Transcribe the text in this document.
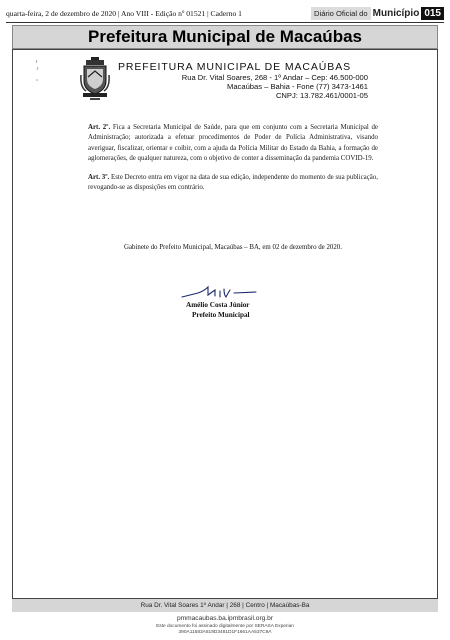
quarta-feira, 2 de dezembro de 2020 | Ano VIII - Edição nº 01521 | Caderno 1	Diário Oficial do Município 015
Prefeitura Municipal de Macaúbas
PREFEITURA MUNICIPAL DE MACAÚBAS
Rua Dr. Vital Soares, 268 - 1º Andar – Cep: 46.500-000
Macaúbas – Bahia - Fone (77) 3473-1461
CNPJ: 13.782.461/0001-05

Art. 2º. Fica a Secretaria Municipal de Saúde, para que em conjunto com a Secretaria Municipal de Administração; autorizada a efetuar procedimentos de Poder de Polícia Administrativa, visando averiguar, fiscalizar, orientar e coibir, com a ajuda da Polícia Militar do Estado da Bahia, a formação de aglomerações, de qualquer natureza, com o objetivo de conter a disseminação da pandemia COVID-19.

Art. 3º. Este Decreto entra em vigor na data de sua edição, independente do momento de sua publicação, revogando-se as disposições em contrário.

Gabinete do Prefeito Municipal, Macaúbas – BA, em 02 de dezembro de 2020.
Amélio Costa Júnior
Prefeito Municipal
Rua Dr. Vital Soares 1º Andar | 268 | Centro | Macaúbas-Ba
pmmacaubas.ba.ipmbrasil.org.br
Este documento foi assinado digitalmente por SERASA Experian
390A11583A819D3481D1F1661AA537C9A
